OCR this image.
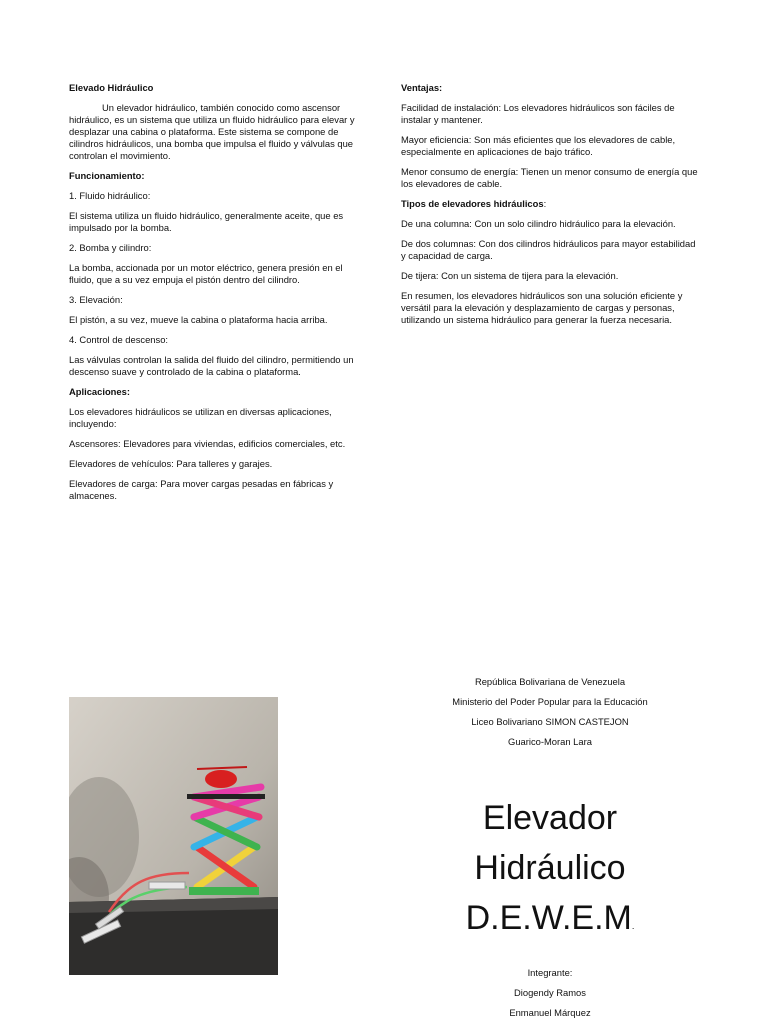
Elevado Hidráulico

Un elevador hidráulico, también conocido como ascensor hidráulico, es un sistema que utiliza un fluido hidráulico para elevar y desplazar una cabina o plataforma. Este sistema se compone de cilindros hidráulicos, una bomba que impulsa el fluido y válvulas que controlan el movimiento.

Funcionamiento:

1. Fluido hidráulico:

El sistema utiliza un fluido hidráulico, generalmente aceite, que es impulsado por la bomba.

2. Bomba y cilindro:

La bomba, accionada por un motor eléctrico, genera presión en el fluido, que a su vez empuja el pistón dentro del cilindro.

3. Elevación:

El pistón, a su vez, mueve la cabina o plataforma hacia arriba.

4. Control de descenso:

Las válvulas controlan la salida del fluido del cilindro, permitiendo un descenso suave y controlado de la cabina o plataforma.

Aplicaciones:

Los elevadores hidráulicos se utilizan en diversas aplicaciones, incluyendo:

Ascensores: Elevadores para viviendas, edificios comerciales, etc.

Elevadores de vehículos: Para talleres y garajes.

Elevadores de carga: Para mover cargas pesadas en fábricas y almacenes.

Ventajas:

Facilidad de instalación: Los elevadores hidráulicos son fáciles de instalar y mantener.

Mayor eficiencia: Son más eficientes que los elevadores de cable, especialmente en aplicaciones de bajo tráfico.

Menor consumo de energía: Tienen un menor consumo de energía que los elevadores de cable.

Tipos de elevadores hidráulicos:

De una columna: Con un solo cilindro hidráulico para la elevación.

De dos columnas: Con dos cilindros hidráulicos para mayor estabilidad y capacidad de carga.

De tijera: Con un sistema de tijera para la elevación.

En resumen, los elevadores hidráulicos son una solución eficiente y versátil para la elevación y desplazamiento de cargas y personas, utilizando un sistema hidráulico para generar la fuerza necesaria.

República Bolivariana de Venezuela

Ministerio del Poder Popular para la Educación

Liceo Bolivariano SIMON CASTEJON

Guarico-Moran Lara

Elevador

Hidráulico

D.E.W.E.M.

Integrante:

Diogendy Ramos

Enmanuel Márquez
